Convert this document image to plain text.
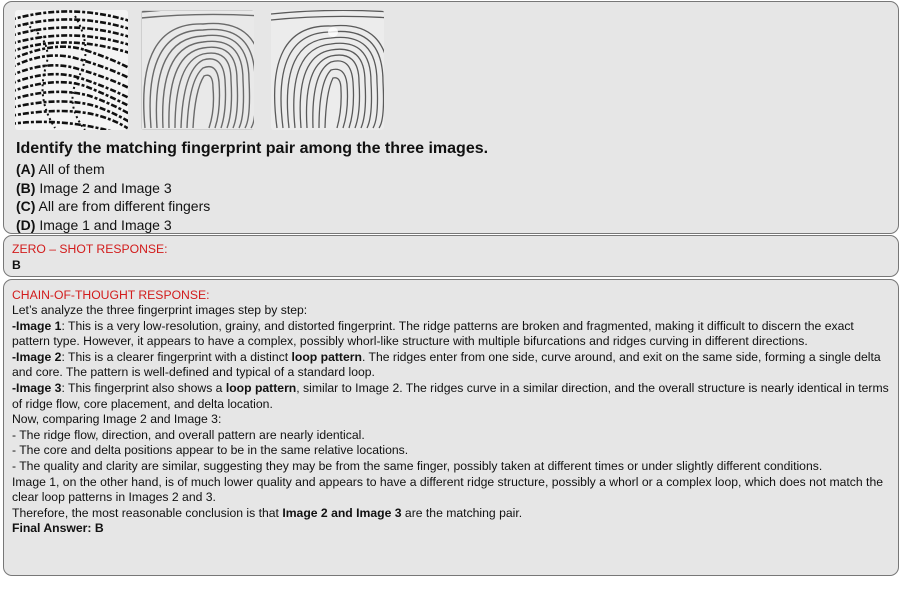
Identify the matching fingerprint pair among the three images.
(A) All of them
(B) Image 2 and Image 3
(C) All are from different fingers
(D) Image 1 and Image 3
ZERO – SHOT RESPONSE:
B
CHAIN-OF-THOUGHT RESPONSE:

Let’s analyze the three fingerprint images step by step:

-Image 1: This is a very low-resolution, grainy, and distorted fingerprint. The ridge patterns are broken and fragmented, making it difficult to discern the exact pattern type. However, it appears to have a complex, possibly whorl-like structure with multiple bifurcations and ridges curving in different directions.

-Image 2: This is a clearer fingerprint with a distinct loop pattern. The ridges enter from one side, curve around, and exit on the same side, forming a single delta and core. The pattern is well-defined and typical of a standard loop.

-Image 3: This fingerprint also shows a loop pattern, similar to Image 2. The ridges curve in a similar direction, and the overall structure is nearly identical in terms of ridge flow, core placement, and delta location.

Now, comparing Image 2 and Image 3:

- The ridge flow, direction, and overall pattern are nearly identical.

- The core and delta positions appear to be in the same relative locations.

- The quality and clarity are similar, suggesting they may be from the same finger, possibly taken at different times or under slightly different conditions.

Image 1, on the other hand, is of much lower quality and appears to have a different ridge structure, possibly a whorl or a complex loop, which does not match the clear loop patterns in Images 2 and 3.

Therefore, the most reasonable conclusion is that Image 2 and Image 3 are the matching pair.

Final Answer: B
